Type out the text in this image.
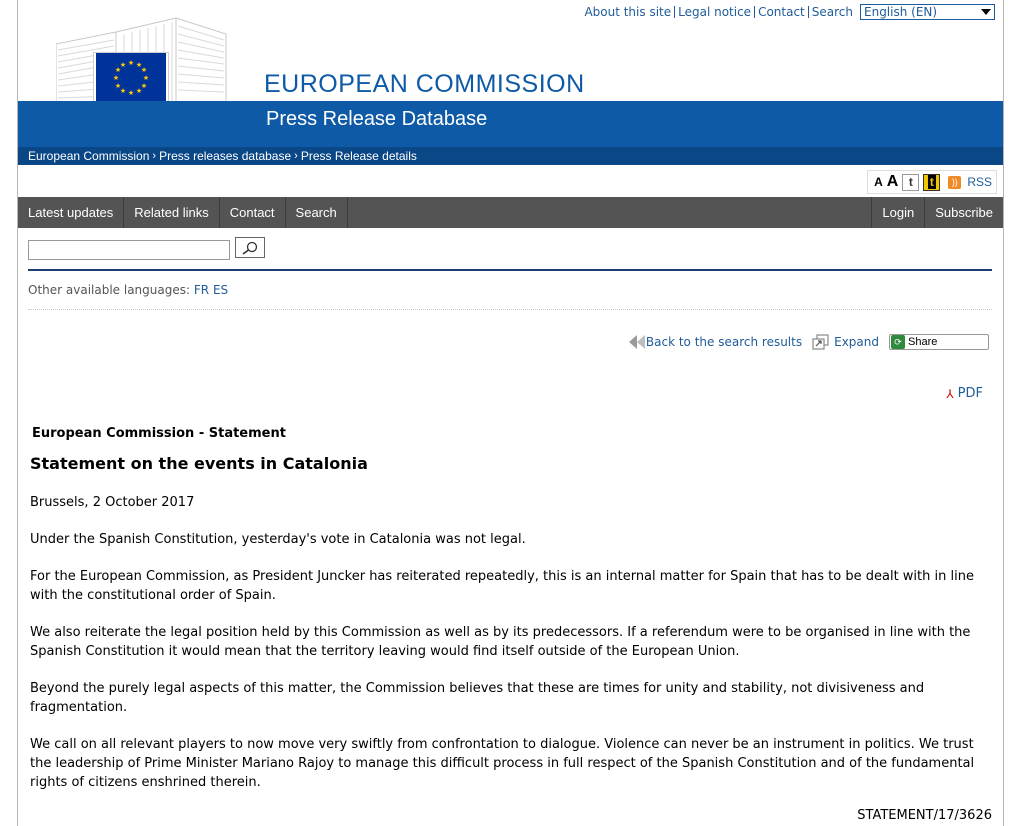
About this site Legal notice Contact Search English (EN)
★ ★
★
★
★
★
★
★
★
★
★
★
EUROPEAN COMMISSION
Press Release Database
European Commission › Press releases database › Press Release details
A A t	t	)) RSS
Latest updates	Related links	Contact	Search	Login	Subscribe
Other available languages: FR ES
Back to the search results	Expand	⟳ Share
⅄ PDF
European Commission - Statement
Statement on the events in Catalonia
Brussels, 2 October 2017

Under the Spanish Constitution, yesterday's vote in Catalonia was not legal.

For the European Commission, as President Juncker has reiterated repeatedly, this is an internal matter for Spain that has to be dealt with in line with the constitutional order of Spain.

We also reiterate the legal position held by this Commission as well as by its predecessors. If a referendum were to be organised in line with the Spanish Constitution it would mean that the territory leaving would find itself outside of the European Union.

Beyond the purely legal aspects of this matter, the Commission believes that these are times for unity and stability, not divisiveness and fragmentation.

We call on all relevant players to now move very swiftly from confrontation to dialogue. Violence can never be an instrument in politics. We trust the leadership of Prime Minister Mariano Rajoy to manage this difficult process in full respect of the Spanish Constitution and of the fundamental rights of citizens enshrined therein.

STATEMENT/17/3626
